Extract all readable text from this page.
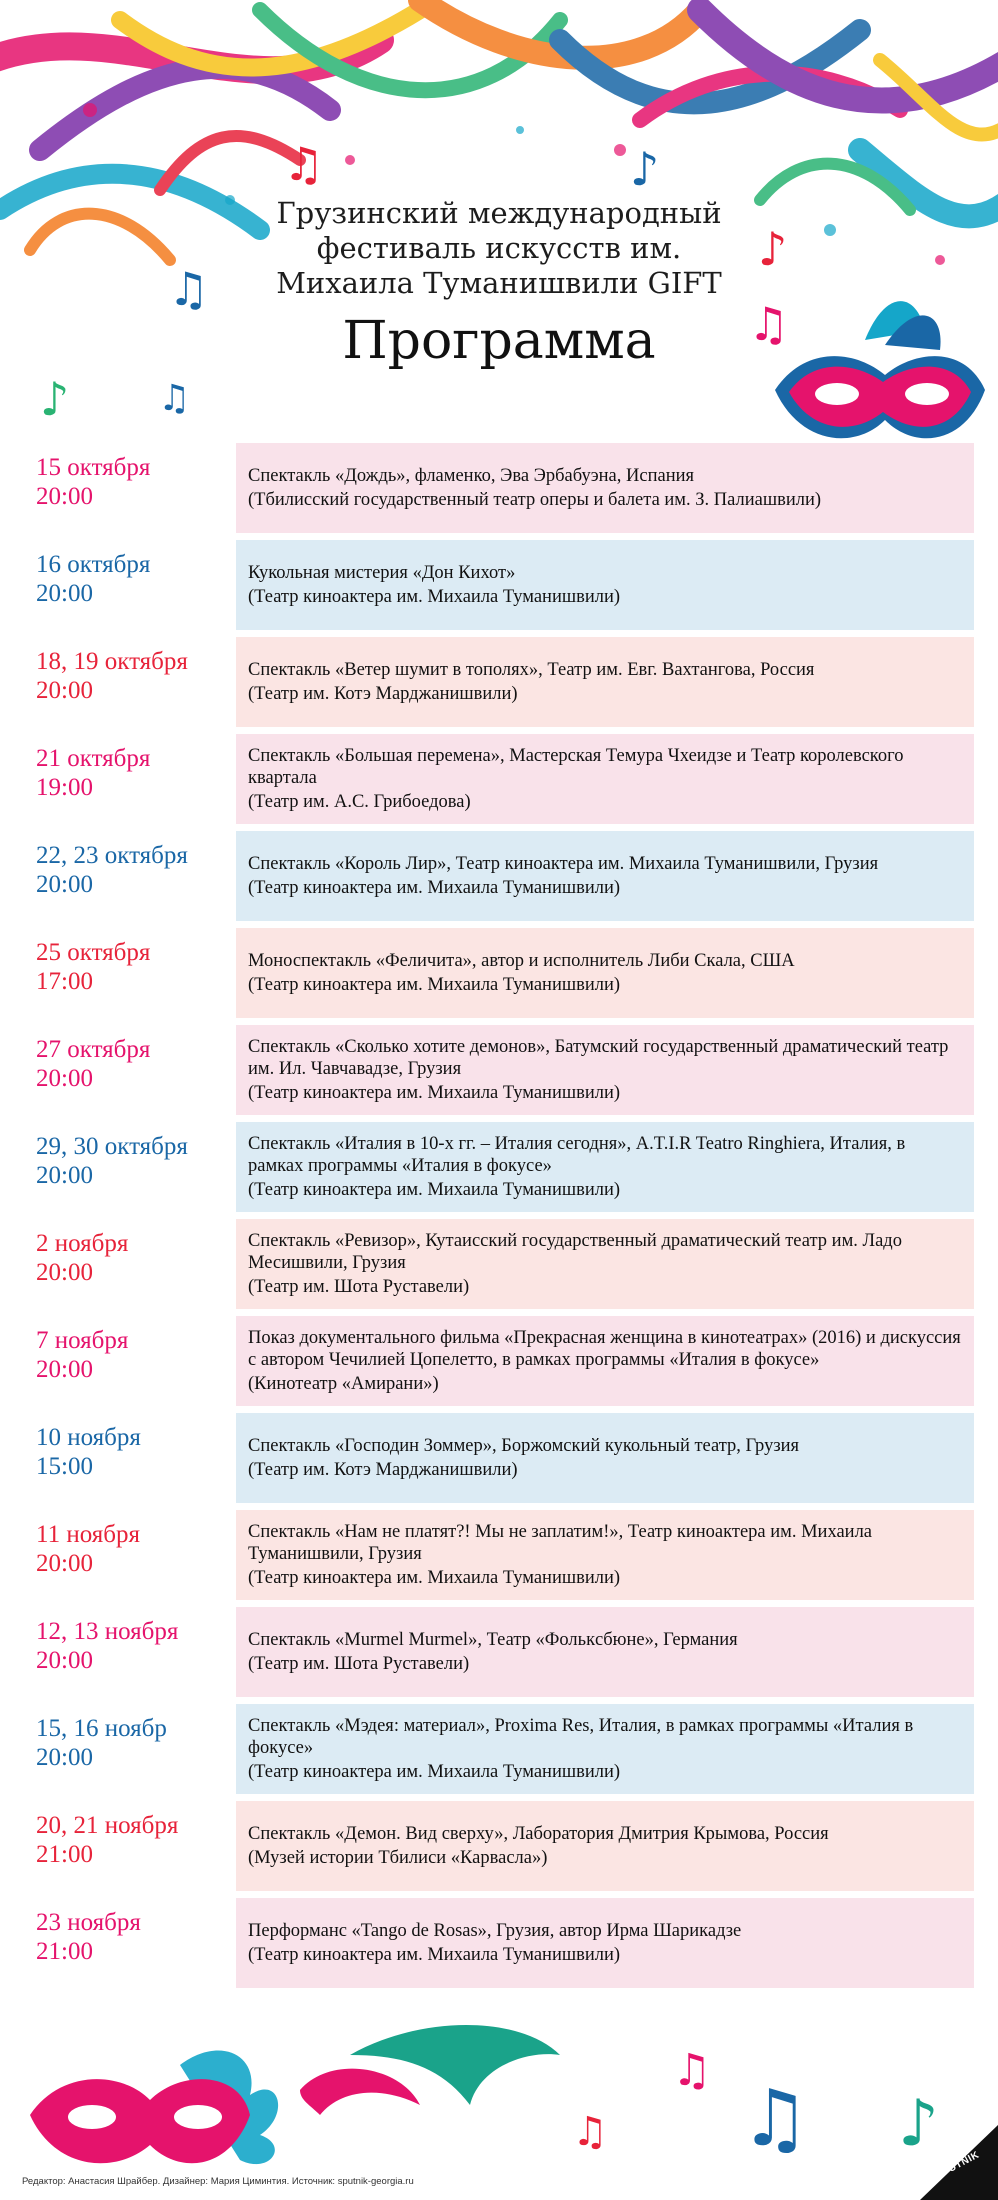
♫	♪
♪
♫
♫
♪ ♫
Грузинский международный
фестиваль искусств им.
Михаила Туманишвили GIFT
Программа
15 октября
20:00
Спектакль «Дождь», фламенко, Эва Эрбабуэна, Испания
(Тбилисский государственный театр оперы и балета им. З. Палиашвили)
16 октября
20:00
Кукольная мистерия «Дон Кихот»
(Театр киноактера им. Михаила Туманишвили)
18, 19 октября
20:00
Спектакль «Ветер шумит в тополях», Театр им. Евг. Вахтангова, Россия
(Театр им. Котэ Марджанишвили)
21 октября
19:00
Спектакль «Большая перемена», Мастерская Темура Чхеидзе и Театр королевского квартала
(Театр им. А.С. Грибоедова)
22, 23 октября
20:00
Спектакль «Король Лир», Театр киноактера им. Михаила Туманишвили, Грузия
(Театр киноактера им. Михаила Туманишвили)
25 октября
17:00
Моноспектакль «Феличита», автор и исполнитель Либи Скала, США
(Театр киноактера им. Михаила Туманишвили)
27 октября
20:00
Спектакль «Сколько хотите демонов», Батумский государственный драматический театр им. Ил. Чавчавадзе, Грузия
(Театр киноактера им. Михаила Туманишвили)
29, 30 октября
20:00
Спектакль «Италия в 10-х гг. – Италия сегодня», A.T.I.R Teatro Ringhiera, Италия, в рамках программы «Италия в фокусе»
(Театр киноактера им. Михаила Туманишвили)
2 ноября
20:00
Спектакль «Ревизор», Кутаисский государственный драматический театр им. Ладо Месишвили, Грузия
(Театр им. Шота Руставели)
7 ноября
20:00
Показ документального фильма «Прекрасная женщина в кинотеатрах» (2016) и дискуссия с автором Чечилией Цопелетто, в рамках программы «Италия в фокусе»
(Кинотеатр «Амирани»)
10 ноября
15:00
Спектакль «Господин Зоммер», Боржомский кукольный театр, Грузия
(Театр им. Котэ Марджанишвили)
11 ноября
20:00
Спектакль «Нам не платят?! Мы не заплатим!», Театр киноактера им. Михаила Туманишвили, Грузия
(Театр киноактера им. Михаила Туманишвили)
12, 13 ноября
20:00
Спектакль «Murmel Murmel», Театр «Фолькcбюне», Германия
(Театр им. Шота Руставели)
15, 16 ноябр
20:00
Спектакль «Мэдея: материал», Proxima Res, Италия, в рамках программы «Италия в фокусе»
(Театр киноактера им. Михаила Туманишвили)
20, 21 ноября
21:00
Спектакль «Демон. Вид сверху», Лаборатория Дмитрия Крымова, Россия
(Музей истории Тбилиси «Карвасла»)
23 ноября
21:00
Перформанс «Tango de Rosas», Грузия, автор Ирма Шарикадзе
(Театр киноактера им. Михаила Туманишвили)
♫
♫ ♫ ♪
Редактор: Анастасия Шрайбер. Дизайнер: Мария Циминтия. Источник: sputnik-georgia.ru
SPUTNIK
